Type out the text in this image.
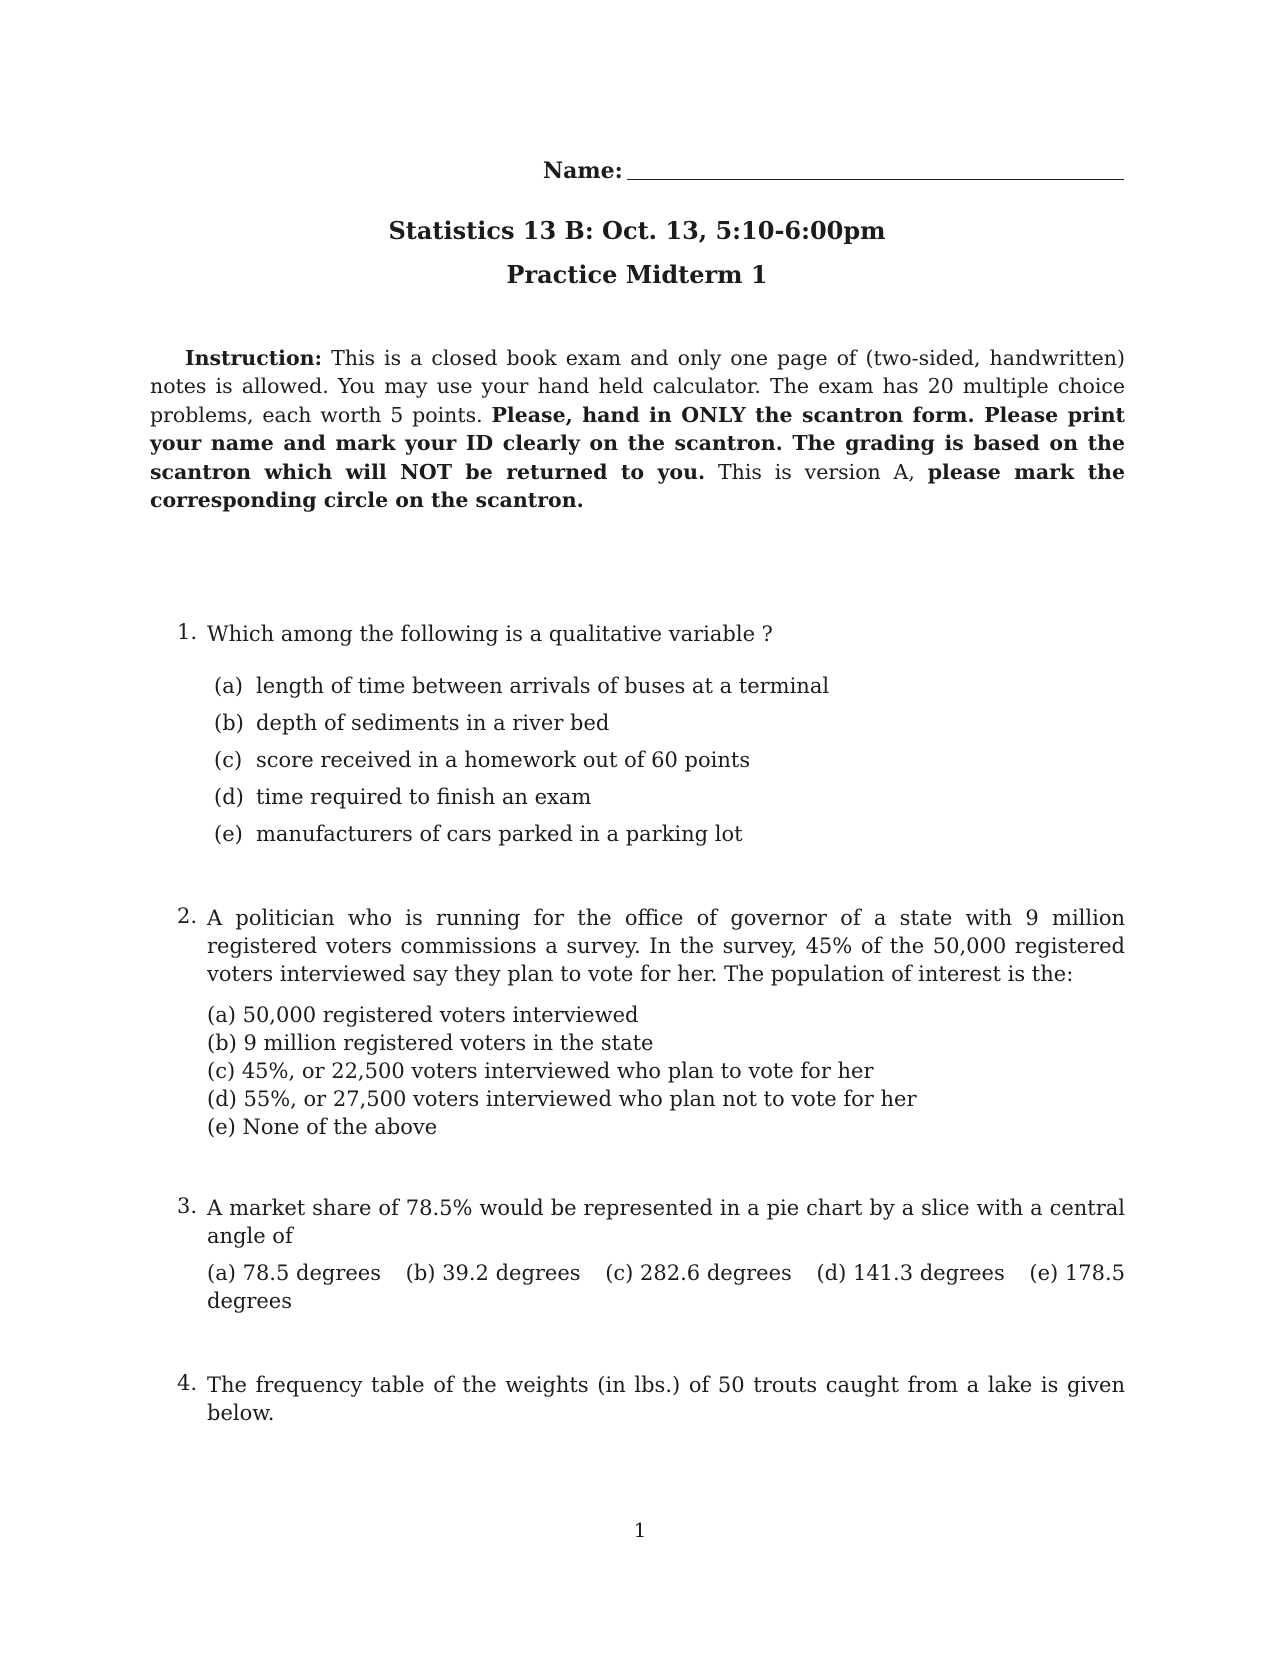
Name:
Statistics 13 B: Oct. 13, 5:10-6:00pm
Practice Midterm 1
Instruction: This is a closed book exam and only one page of (two-sided, handwritten) notes is allowed. You may use your hand held calculator. The exam has 20 multiple choice problems, each worth 5 points. Please, hand in ONLY the scantron form. Please print your name and mark your ID clearly on the scantron. The grading is based on the scantron which will NOT be returned to you. This is version A, please mark the corresponding circle on the scantron.
1. Which among the following is a qualitative variable ?
(a) length of time between arrivals of buses at a terminal
(b) depth of sediments in a river bed
(c) score received in a homework out of 60 points
(d) time required to finish an exam
(e) manufacturers of cars parked in a parking lot
2. A politician who is running for the office of governor of a state with 9 million registered voters commissions a survey. In the survey, 45% of the 50,000 registered voters interviewed say they plan to vote for her. The population of interest is the:
(a) 50,000 registered voters interviewed
(b) 9 million registered voters in the state
(c) 45%, or 22,500 voters interviewed who plan to vote for her
(d) 55%, or 27,500 voters interviewed who plan not to vote for her
(e) None of the above
3. A market share of 78.5% would be represented in a pie chart by a slice with a central angle of
(a) 78.5 degrees (b) 39.2 degrees (c) 282.6 degrees (d) 141.3 degrees (e) 178.5
degrees
4. The frequency table of the weights (in lbs.) of 50 trouts caught from a lake is given below.
1
